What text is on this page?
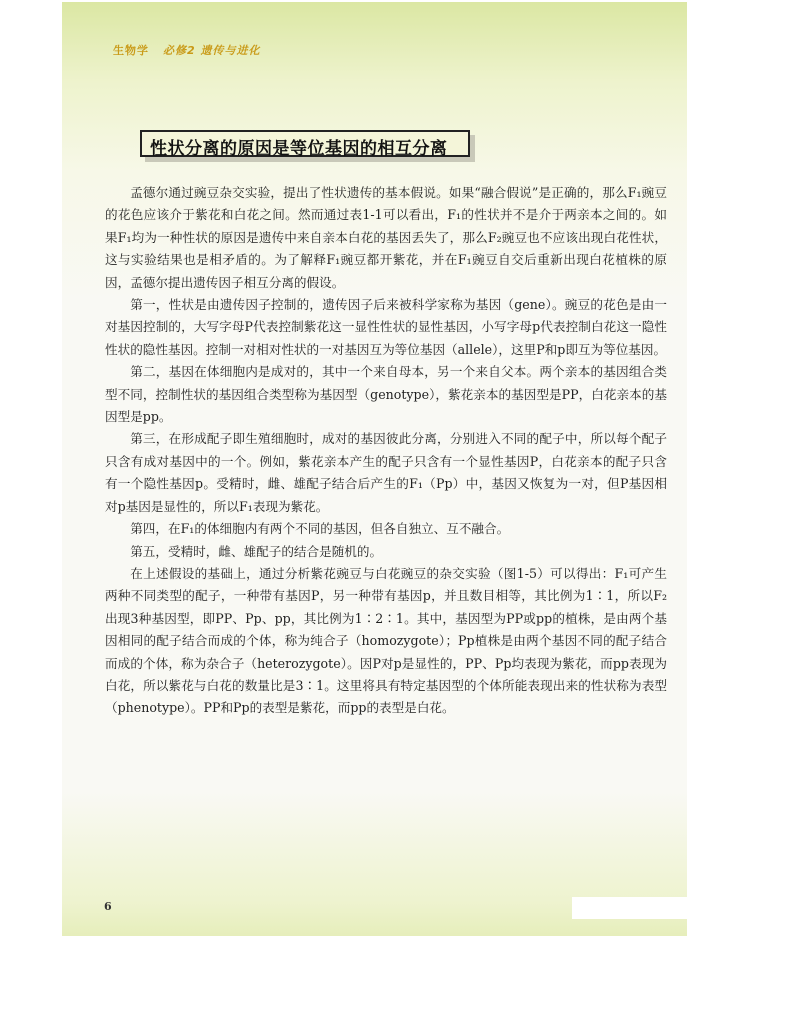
生物学 必修2 遗传与进化
性状分离的原因是等位基因的相互分离

孟德尔通过豌豆杂交实验，提出了性状遗传的基本假说。如果“融合假说”是正确的，那么F₁豌豆的花色应该介于紫花和白花之间。然而通过表1-1可以看出，F₁的性状并不是介于两亲本之间的。如果F₁均为一种性状的原因是遗传中来自亲本白花的基因丢失了，那么F₂豌豆也不应该出现白花性状，这与实验结果也是相矛盾的。为了解释F₁豌豆都开紫花，并在F₁豌豆自交后重新出现白花植株的原因，孟德尔提出遗传因子相互分离的假设。

第一，性状是由遗传因子控制的，遗传因子后来被科学家称为基因（gene）。豌豆的花色是由一对基因控制的，大写字母P代表控制紫花这一显性性状的显性基因，小写字母p代表控制白花这一隐性性状的隐性基因。控制一对相对性状的一对基因互为等位基因（allele），这里P和p即互为等位基因。

第二，基因在体细胞内是成对的，其中一个来自母本，另一个来自父本。两个亲本的基因组合类型不同，控制性状的基因组合类型称为基因型（genotype），紫花亲本的基因型是PP，白花亲本的基因型是pp。

第三，在形成配子即生殖细胞时，成对的基因彼此分离，分别进入不同的配子中，所以每个配子只含有成对基因中的一个。例如，紫花亲本产生的配子只含有一个显性基因P，白花亲本的配子只含有一个隐性基因p。受精时，雌、雄配子结合后产生的F₁（Pp）中，基因又恢复为一对，但P基因相对p基因是显性的，所以F₁表现为紫花。

第四，在F₁的体细胞内有两个不同的基因，但各自独立、互不融合。

第五，受精时，雌、雄配子的结合是随机的。

在上述假设的基础上，通过分析紫花豌豆与白花豌豆的杂交实验（图1-5）可以得出：F₁可产生两种不同类型的配子，一种带有基因P，另一种带有基因p，并且数目相等，其比例为1∶1，所以F₂出现3种基因型，即PP、Pp、pp，其比例为1∶2∶1。其中，基因型为PP或pp的植株，是由两个基因相同的配子结合而成的个体，称为纯合子（homozygote）；Pp植株是由两个基因不同的配子结合而成的个体，称为杂合子（heterozygote）。因P对p是显性的，PP、Pp均表现为紫花，而pp表现为白花，所以紫花与白花的数量比是3∶1。这里将具有特定基因型的个体所能表现出来的性状称为表型（phenotype）。PP和Pp的表型是紫花，而pp的表型是白花。

6
